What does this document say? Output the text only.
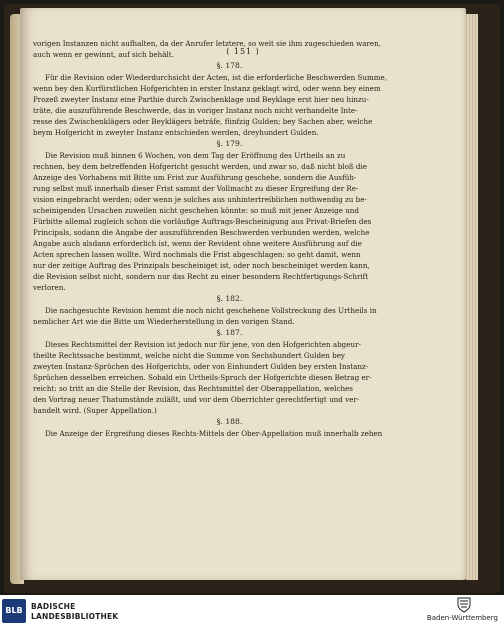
( 151 )
vorigen Instanzen nicht aufhalten, da der Anrufer letztere, so weit sie ihm zugeschieden waren,
auch wenn er gewinnt, auf sich behält.
§. 178.
Für die Revision oder Wiederdurchsicht der Acten, ist die erforderliche Beschwerden Summe,
wenn bey den Kurfürstlichen Hofgerichten in erster Instanz geklagt wird, oder wenn bey einem
Prozeß zweyter Instanz eine Parthie durch Zwischenklage und Beyklage erst hier neu hinzu-
träte, die auszuführende Beschwerde, das in voriger Instanz noch nicht verhandelte Inte-
resse des Zwischenklägers oder Beyklägers beträfe, fünfzig Gulden; bey Sachen aber, welche
beym Hofgericht in zweyter Instanz entschieden werden, dreyhundert Gulden.
§. 179.
Die Revision muß binnen 6 Wochen, von dem Tag der Eröffnung des Urtheils an zu
rechnen, bey dem betreffenden Hofgericht gesucht werden, und zwar so, daß nicht bloß die
Anzeige des Vorhabens mit Bitte um Frist zur Ausführung geschehe, sondern die Ausfüh-
rung selbst muß innerhalb dieser Frist sammt der Vollmacht zu dieser Ergreifung der Re-
vision eingebracht werden; oder wenn je solches aus unhintertreiblichen nothwendig zu be-
scheinigenden Ursachen zuweilen nicht geschehen könnte: so muß mit jener Anzeige und
Fürbitte allemal zugleich schon die vorläufige Auftrags-Bescheinigung aus Privat-Briefen des
Principals, sodann die Angabe der auszuführenden Beschwerden verbunden werden, welche
Angabe auch alsdann erforderlich ist, wenn der Revident ohne weitere Ausführung auf die
Acten sprechen lassen wollte. Wird nochmals die Frist abgeschlagen: so geht damit, wenn
nur der zeitige Auftrag des Prinzipals bescheiniget ist, oder noch bescheiniget werden kann,
die Revision selbst nicht, sondern nur das Recht zu einer besondern Rechtfertigungs-Schrift
verloren.
§. 182.
Die nachgesuchte Revision hemmt die noch nicht geschehene Vollstreckung des Urtheils in
nemlicher Art wie die Bitte um Wiederherstellung in den vorigen Stand.
§. 187.
Dieses Rechtsmittel der Revision ist jedoch nur für jene, von den Hofgerichten abgeur-
theilte Rechtssache bestimmt, welche nicht die Summe von Sechshundert Gulden bey
zweyten Instanz-Sprüchen des Hofgerichts, oder von Einhundert Gulden bey ersten Instanz-
Sprüchen desselben erreichen. Sobald ein Urtheils-Spruch der Hofgerichte diesen Betrag er-
reicht: so tritt an die Stelle der Revision, das Rechtsmittel der Oberappellation, welches
den Vortrag neuer Thatumstände zuläßt, und vor dem Oberrichter gerechtfertigt und ver-
handelt wird. (Super Appellation.)
§. 188.
Die Anzeige der Ergreifung dieses Rechts-Mittels der Ober-Appellation muß innerhalb zehen
BLB	BADISCHE
LANDESBIBLIOTHEK	Baden-Württemberg
